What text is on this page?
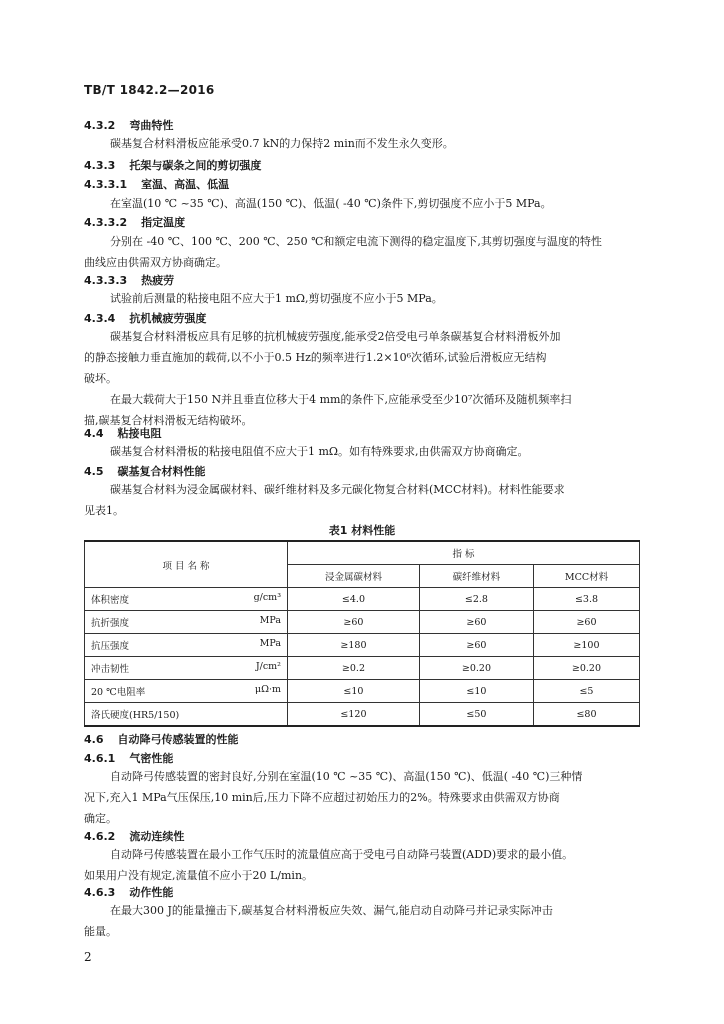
TB/T 1842.2—2016
4.3.2 弯曲特性
碳基复合材料滑板应能承受0.7 kN的力保持2 min而不发生永久变形。
4.3.3 托架与碳条之间的剪切强度
4.3.3.1 室温、高温、低温
在室温(10 ℃ ~35 ℃)、高温(150 ℃)、低温( -40 ℃)条件下,剪切强度不应小于5 MPa。
4.3.3.2 指定温度
分别在 -40 ℃、100 ℃、200 ℃、250 ℃和额定电流下测得的稳定温度下,其剪切强度与温度的特性
曲线应由供需双方协商确定。
4.3.3.3 热疲劳
试验前后测量的粘接电阻不应大于1 mΩ,剪切强度不应小于5 MPa。
4.3.4 抗机械疲劳强度
碳基复合材料滑板应具有足够的抗机械疲劳强度,能承受2倍受电弓单条碳基复合材料滑板外加
的静态接触力垂直施加的载荷,以不小于0.5 Hz的频率进行1.2×10⁶次循环,试验后滑板应无结构
破坏。
在最大载荷大于150 N并且垂直位移大于4 mm的条件下,应能承受至少10⁷次循环及随机频率扫
描,碳基复合材料滑板无结构破坏。
4.4 粘接电阻
碳基复合材料滑板的粘接电阻值不应大于1 mΩ。如有特殊要求,由供需双方协商确定。
4.5 碳基复合材料性能
碳基复合材料为浸金属碳材料、碳纤维材料及多元碳化物复合材料(MCC材料)。材料性能要求
见表1。
表1 材料性能
项 目 名 称	指 标		
	浸金属碳材料	碳纤维材料	MCC材料

体积密度 g/cm³	≤4.0	≤2.8	≤3.8

抗折强度 MPa	≥60	≥60	≥60

抗压强度 MPa	≥180	≥60	≥100

冲击韧性 J/cm²	≥0.2	≥0.20	≥0.20

20 ℃电阻率 μΩ·m	≤10	≤10	≤5

洛氏硬度(HR5/150)	≤120	≤50	≤80
4.6 自动降弓传感装置的性能
4.6.1 气密性能
自动降弓传感装置的密封良好,分别在室温(10 ℃ ~35 ℃)、高温(150 ℃)、低温( -40 ℃)三种情
况下,充入1 MPa气压保压,10 min后,压力下降不应超过初始压力的2%。特殊要求由供需双方协商
确定。
4.6.2 流动连续性
自动降弓传感装置在最小工作气压时的流量值应高于受电弓自动降弓装置(ADD)要求的最小值。
如果用户没有规定,流量值不应小于20 L/min。
4.6.3 动作性能
在最大300 J的能量撞击下,碳基复合材料滑板应失效、漏气,能启动自动降弓并记录实际冲击
能量。
2
